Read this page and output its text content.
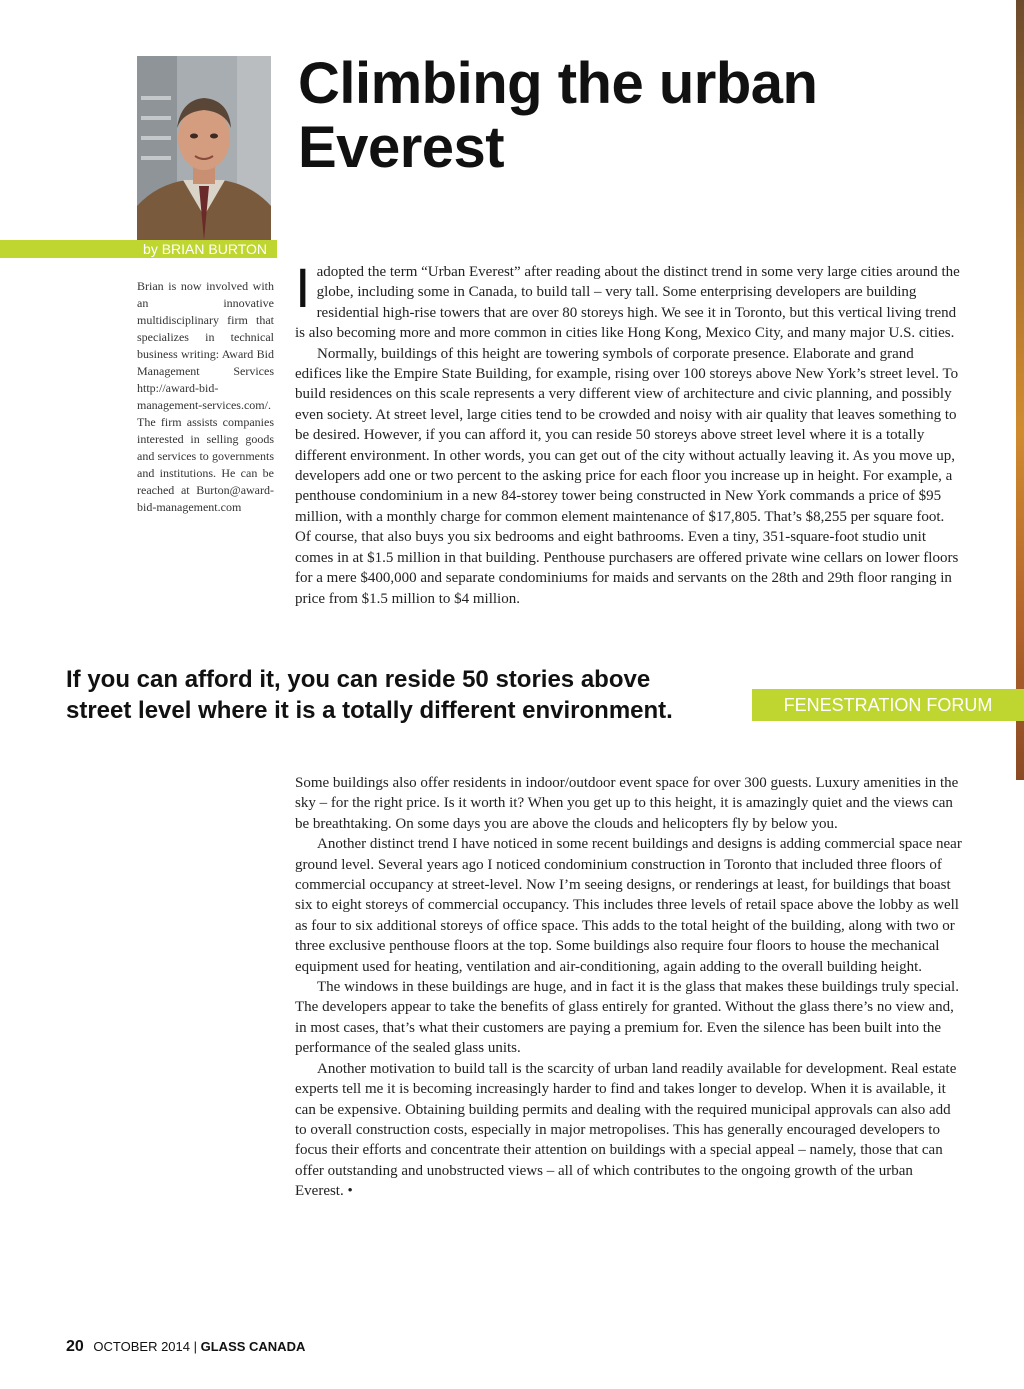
by BRIAN BURTON
Climbing the urban Everest
Brian is now involved with an innovative multidisciplinary firm that specializes in technical business writing: Award Bid Management Services http://award-bid-management-services.com/. The firm assists companies interested in selling goods and services to governments and institutions. He can be reached at Burton@award-bid-management.com

Iadopted the term “Urban Everest” after reading about the distinct trend in some very large cities around the globe, including some in Canada, to build tall – very tall. Some enterprising developers are building residential high-rise towers that are over 80 storeys high. We see it in Toronto, but this vertical living trend is also becoming more and more common in cities like Hong Kong, Mexico City, and many major U.S. cities.

Normally, buildings of this height are towering symbols of corporate presence. Elaborate and grand edifices like the Empire State Building, for example, rising over 100 storeys above New York’s street level. To build residences on this scale represents a very different view of architecture and civic planning, and possibly even society. At street level, large cities tend to be crowded and noisy with air quality that leaves something to be desired. However, if you can afford it, you can reside 50 storeys above street level where it is a totally different environment. In other words, you can get out of the city without actually leaving it. As you move up, developers add one or two percent to the asking price for each floor you increase up in height. For example, a penthouse condominium in a new 84-storey tower being constructed in New York commands a price of $95 million, with a monthly charge for common element maintenance of $17,805. That’s $8,255 per square foot. Of course, that also buys you six bedrooms and eight bathrooms. Even a tiny, 351-square-foot studio unit comes in at $1.5 million in that building. Penthouse purchasers are offered private wine cellars on lower floors for a mere $400,000 and separate condominiums for maids and servants on the 28th and 29th floor ranging in price from $1.5 million to $4 million.

If you can afford it, you can reside 50 stories above street level where it is a totally different environment.	FENESTRATION FORUM

Some buildings also offer residents in indoor/outdoor event space for over 300 guests. Luxury amenities in the sky – for the right price. Is it worth it? When you get up to this height, it is amazingly quiet and the views can be breathtaking. On some days you are above the clouds and helicopters fly by below you.

Another distinct trend I have noticed in some recent buildings and designs is adding commercial space near ground level. Several years ago I noticed condominium construction in Toronto that included three floors of commercial occupancy at street-level. Now I’m seeing designs, or renderings at least, for buildings that boast six to eight storeys of commercial occupancy. This includes three levels of retail space above the lobby as well as four to six additional storeys of office space. This adds to the total height of the building, along with two or three exclusive penthouse floors at the top. Some buildings also require four floors to house the mechanical equipment used for heating, ventilation and air-conditioning, again adding to the overall building height.

The windows in these buildings are huge, and in fact it is the glass that makes these buildings truly special. The developers appear to take the benefits of glass entirely for granted. Without the glass there’s no view and, in most cases, that’s what their customers are paying a premium for. Even the silence has been built into the performance of the sealed glass units.

Another motivation to build tall is the scarcity of urban land readily available for development. Real estate experts tell me it is becoming increasingly harder to find and takes longer to develop. When it is available, it can be expensive. Obtaining building permits and dealing with the required municipal approvals can also add to overall construction costs, especially in major metropolises. This has generally encouraged developers to focus their efforts and concentrate their attention on buildings with a special appeal – namely, those that can offer outstanding and unobstructed views – all of which contributes to the ongoing growth of the urban Everest. •

20 OCTOBER 2014 | GLASS CANADA
